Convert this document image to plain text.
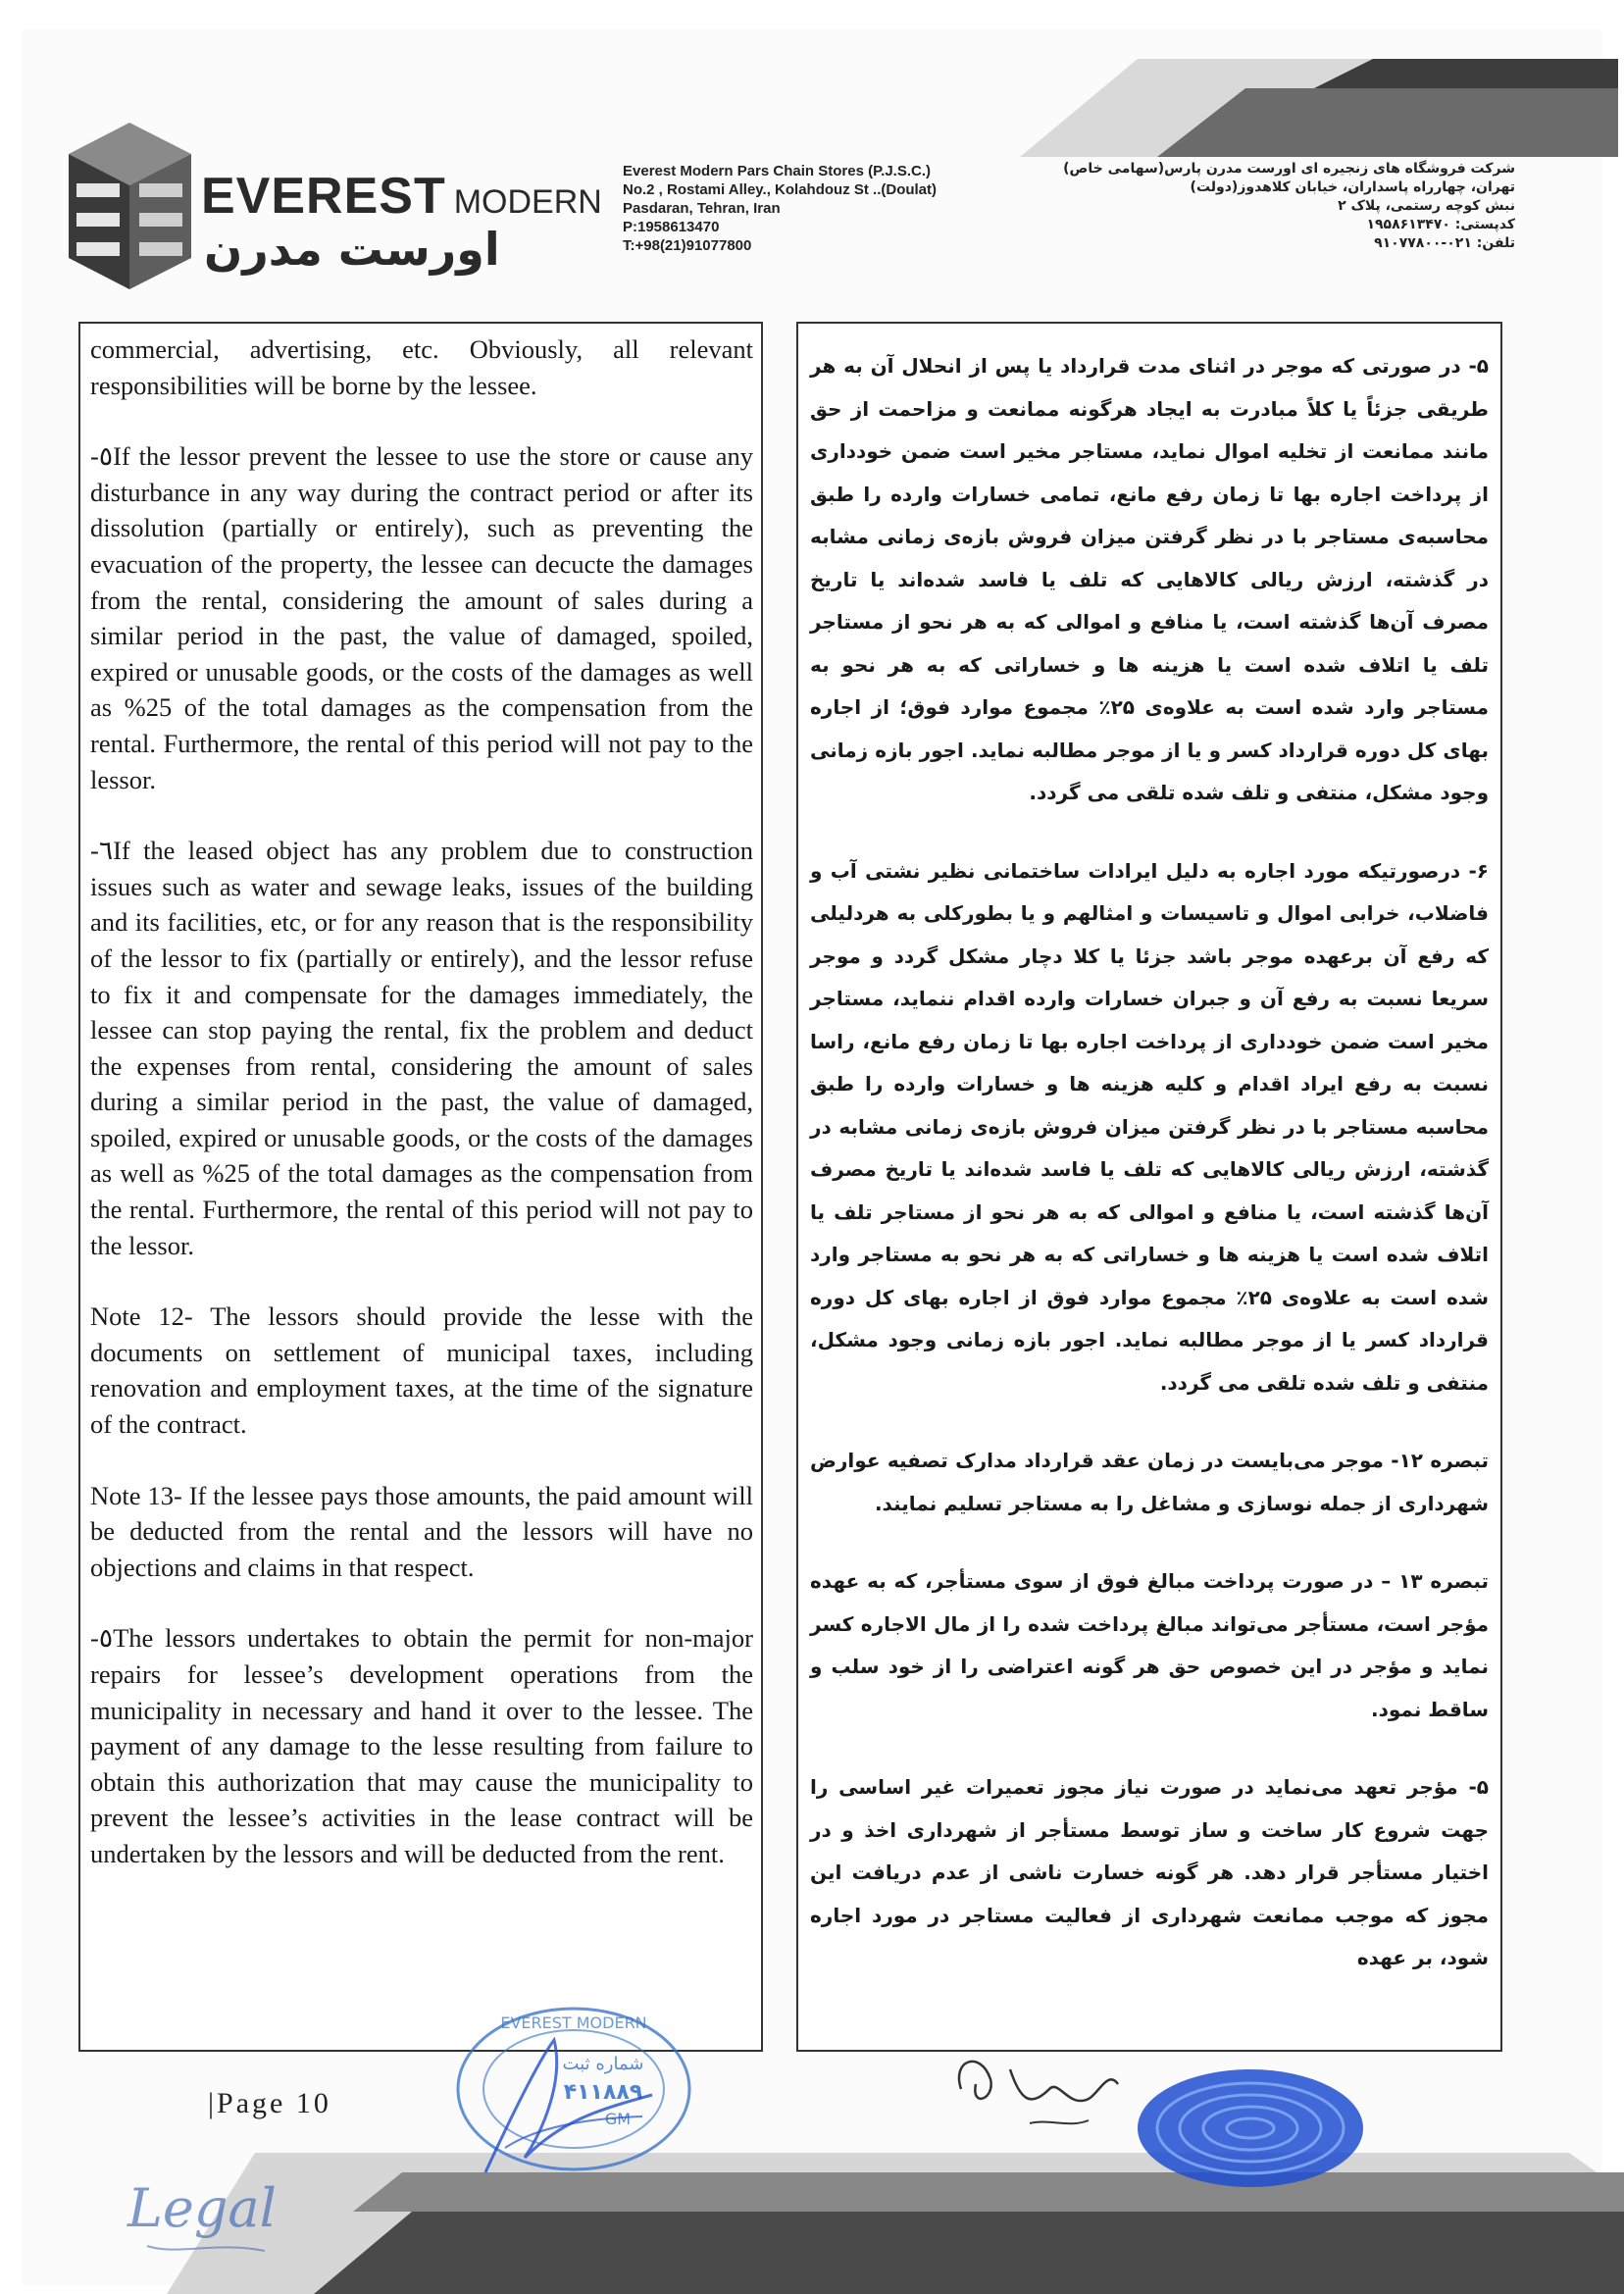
EVEREST MODERN
اورست مدرن
Everest Modern Pars Chain Stores (P.J.S.C.)
No.2 , Rostami Alley., Kolahdouz St ..(Doulat)
Pasdaran, Tehran, Iran
P:1958613470
T:+98(21)91077800
شرکت فروشگاه های زنجیره ای اورست مدرن پارس(سهامی خاص)
تهران، چهارراه پاسداران، خیابان کلاهدوز(دولت)
نبش کوچه رستمی، پلاک ۲
کدپستی: ۱۹۵۸۶۱۳۴۷۰
تلفن: ۰۲۱-۹۱۰۷۷۸۰۰

commercial, advertising, etc. Obviously, all relevant responsibilities will be borne by the lessee.

-٥If the lessor prevent the lessee to use the store or cause any disturbance in any way during the contract period or after its dissolution (partially or entirely), such as preventing the evacuation of the property, the lessee can decucte the damages from the rental, considering the amount of sales during a similar period in the past, the value of damaged, spoiled, expired or unusable goods, or the costs of the damages as well as %25 of the total damages as the compensation from the rental. Furthermore, the rental of this period will not pay to the lessor.

-٦If the leased object has any problem due to construction issues such as water and sewage leaks, issues of the building and its facilities, etc, or for any reason that is the responsibility of the lessor to fix (partially or entirely), and the lessor refuse to fix it and compensate for the damages immediately, the lessee can stop paying the rental, fix the problem and deduct the expenses from rental, considering the amount of sales during a similar period in the past, the value of damaged, spoiled, expired or unusable goods, or the costs of the damages as well as %25 of the total damages as the compensation from the rental. Furthermore, the rental of this period will not pay to the lessor.

Note 12- The lessors should provide the lesse with the documents on settlement of municipal taxes, including renovation and employment taxes, at the time of the signature of the contract.

Note 13- If the lessee pays those amounts, the paid amount will be deducted from the rental and the lessors will have no objections and claims in that respect.

-٥The lessors undertakes to obtain the permit for non-major repairs for lessee’s development operations from the municipality in necessary and hand it over to the lessee. The payment of any damage to the lesse resulting from failure to obtain this authorization that may cause the municipality to prevent the lessee’s activities in the lease contract will be undertaken by the lessors and will be deducted from the rent.

۵- در صورتی که موجر در اثنای مدت قرارداد یا پس از انحلال آن به هر طریقی جزئاً یا کلاً مبادرت به ایجاد هرگونه ممانعت و مزاحمت از حق مانند ممانعت از تخلیه اموال نماید، مستاجر مخیر است ضمن خودداری از پرداخت اجاره بها تا زمان رفع مانع، تمامی خسارات وارده را طبق محاسبه‌ی مستاجر با در نظر گرفتن میزان فروش بازه‌ی زمانی مشابه در گذشته، ارزش ریالی کالاهایی که تلف یا فاسد شده‌اند یا تاریخ مصرف آن‌ها گذشته است، یا منافع و اموالی که به هر نحو از مستاجر تلف یا اتلاف شده است یا هزینه ها و خساراتی که به هر نحو به مستاجر وارد شده است به علاوه‌ی ۲۵٪ مجموع موارد فوق؛ از اجاره بهای کل دوره قرارداد کسر و یا از موجر مطالبه نماید. اجور بازه زمانی وجود مشکل، منتفی و تلف شده تلقی می گردد.

۶- درصورتیکه مورد اجاره به دلیل ایرادات ساختمانی نظیر نشتی آب و فاضلاب، خرابی اموال و تاسیسات و امثالهم و یا بطورکلی به هردلیلی که رفع آن برعهده موجر باشد جزئا یا کلا دچار مشکل گردد و موجر سریعا نسبت به رفع آن و جبران خسارات وارده اقدام ننماید، مستاجر مخیر است ضمن خودداری از پرداخت اجاره بها تا زمان رفع مانع، راسا نسبت به رفع ایراد اقدام و کلیه هزینه ها و خسارات وارده را طبق محاسبه مستاجر با در نظر گرفتن میزان فروش بازه‌ی زمانی مشابه در گذشته، ارزش ریالی کالاهایی که تلف یا فاسد شده‌اند یا تاریخ مصرف آن‌ها گذشته است، یا منافع و اموالی که به هر نحو از مستاجر تلف یا اتلاف شده است یا هزینه ها و خساراتی که به هر نحو به مستاجر وارد شده است به علاوه‌ی ۲۵٪ مجموع موارد فوق از اجاره بهای کل دوره قرارداد کسر یا از موجر مطالبه نماید. اجور بازه زمانی وجود مشکل، منتفی و تلف شده تلقی می گردد.

تبصره ۱۲- موجر می‌بایست در زمان عقد قرارداد مدارک تصفیه عوارض شهرداری از جمله نوسازی و مشاغل را به مستاجر تسلیم نمایند.

تبصره ۱۳ – در صورت پرداخت مبالغ فوق از سوی مستأجر، که به عهده مؤجر است، مستأجر می‌تواند مبالغ پرداخت شده را از مال الاجاره کسر نماید و مؤجر در این خصوص حق هر گونه اعتراضی را از خود سلب و ساقط نمود.

۵- مؤجر تعهد می‌نماید در صورت نیاز مجوز تعمیرات غیر اساسی را جهت شروع کار ساخت و ساز توسط مستأجر از شهرداری اخذ و در اختیار مستأجر قرار دهد. هر گونه خسارت ناشی از عدم دریافت این مجوز که موجب ممانعت شهرداری از فعالیت مستاجر در مورد اجاره شود، بر عهده

|Page 10
EVEREST MODERN
شماره ثبت
۴۱۱۸۸۹
GM
Legal
